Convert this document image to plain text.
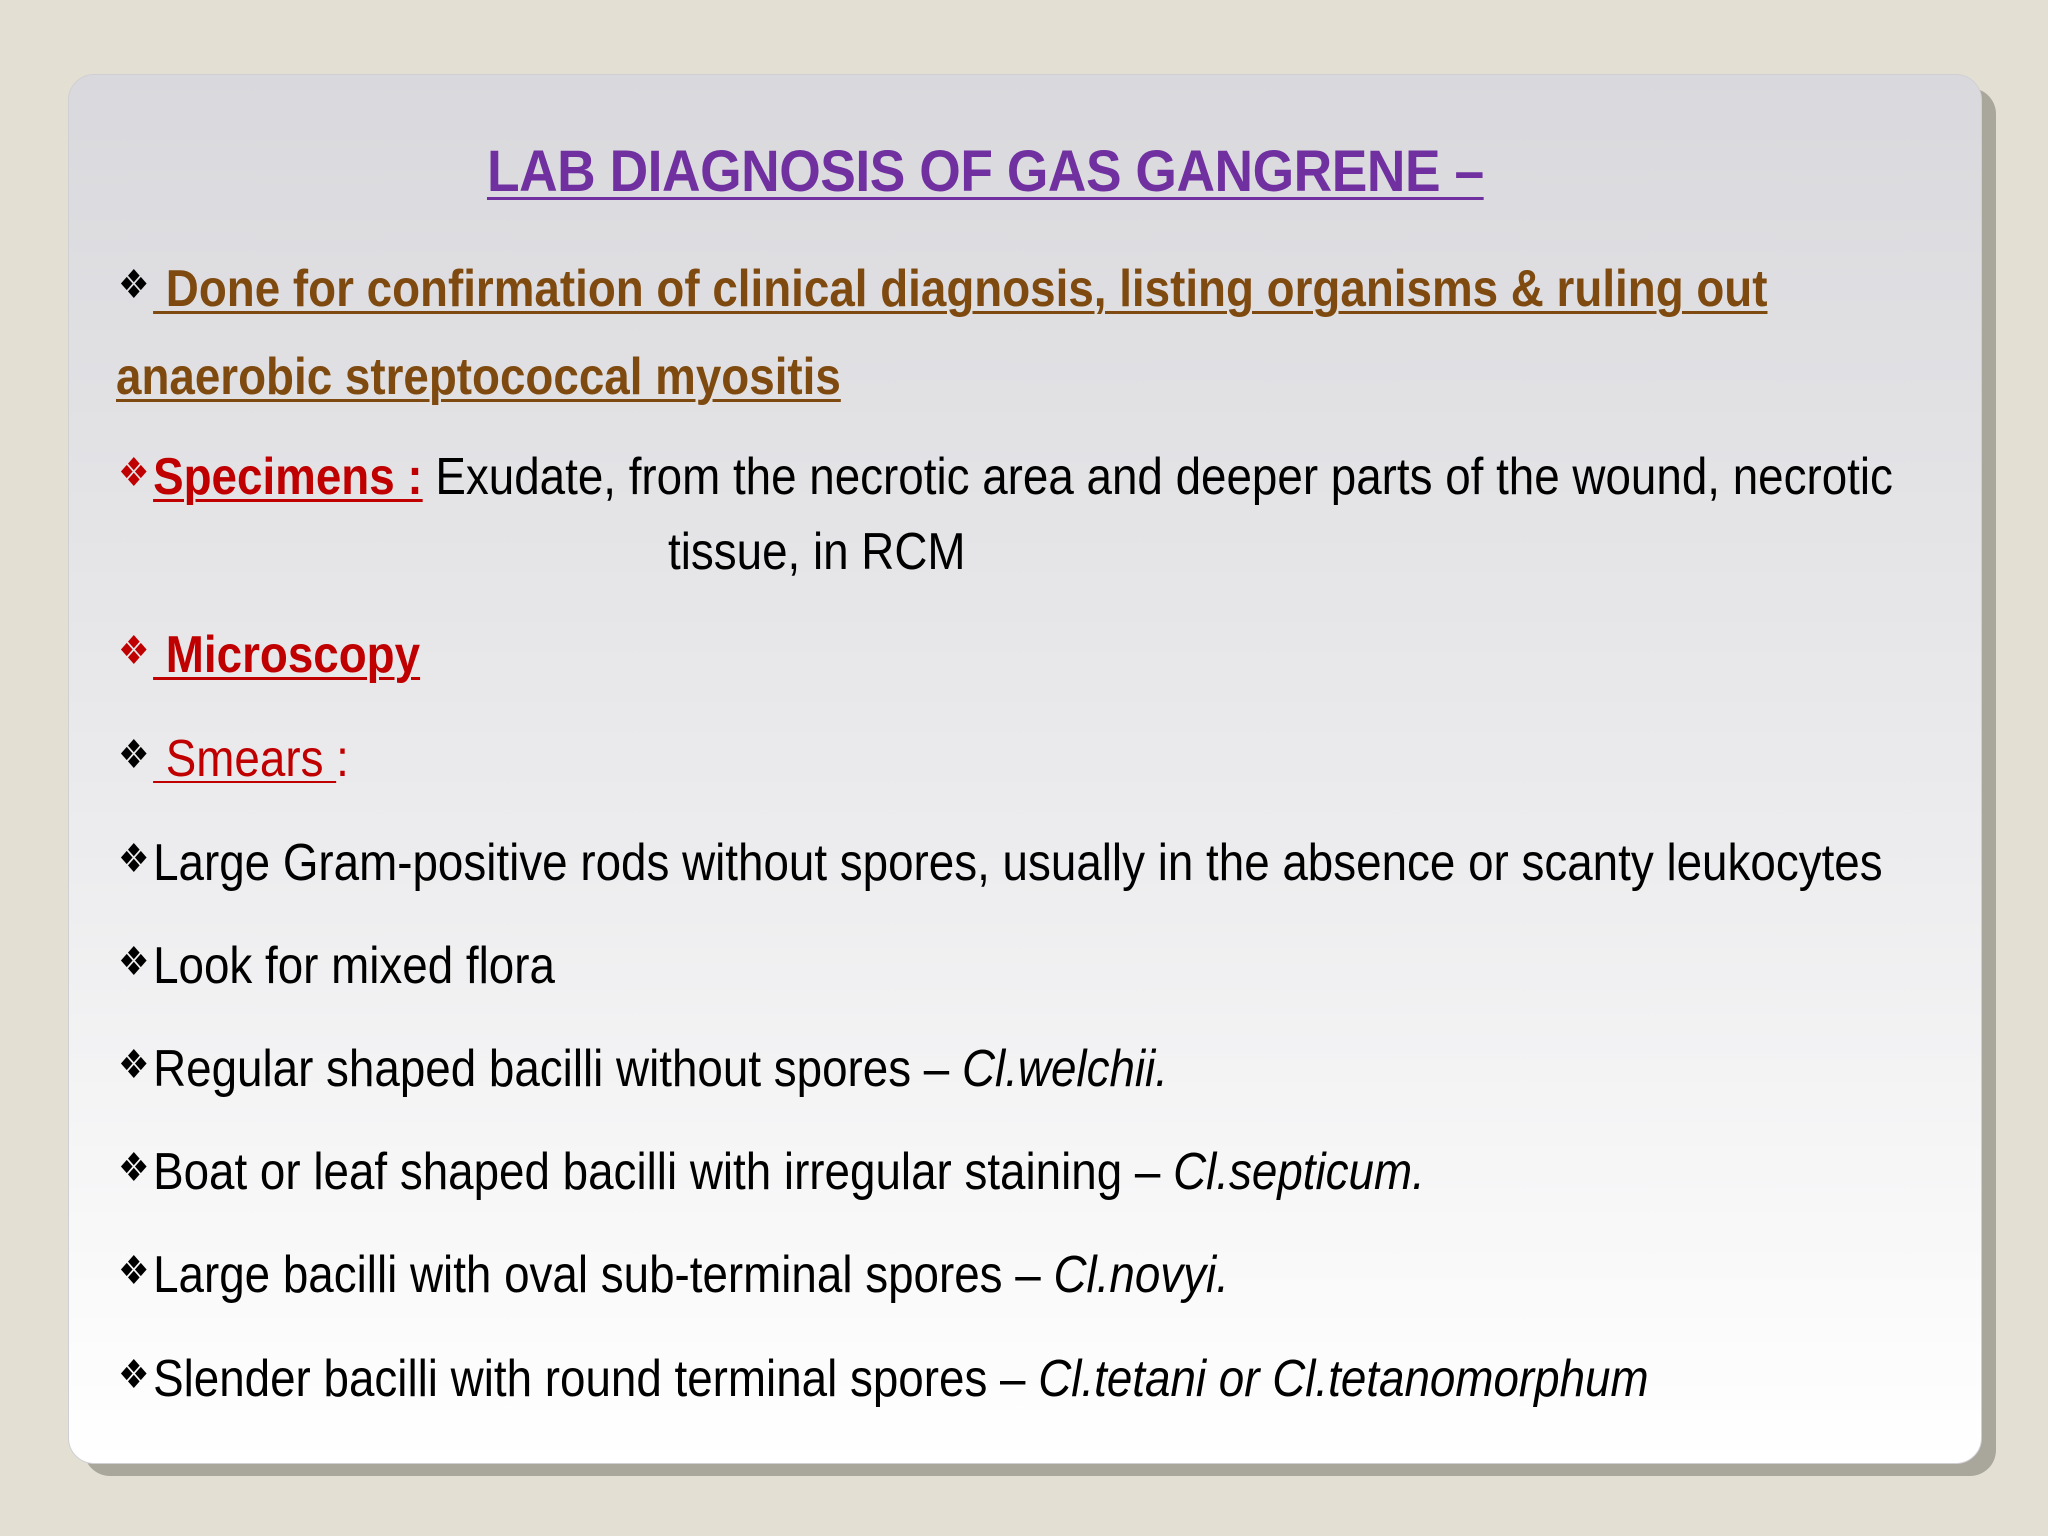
LAB DIAGNOSIS OF GAS GANGRENE –
❖ Done for confirmation of clinical diagnosis, listing organisms & ruling out
anaerobic streptococcal myositis
❖Specimens : Exudate, from the necrotic area and deeper parts of the wound, necrotic
tissue, in RCM
❖ Microscopy
❖ Smears :
❖Large Gram-positive rods without spores, usually in the absence or scanty leukocytes
❖Look for mixed flora
❖Regular shaped bacilli without spores – Cl.welchii.
❖Boat or leaf shaped bacilli with irregular staining – Cl.septicum.
❖Large bacilli with oval sub-terminal spores – Cl.novyi.
❖Slender bacilli with round terminal spores – Cl.tetani or Cl.tetanomorphum
